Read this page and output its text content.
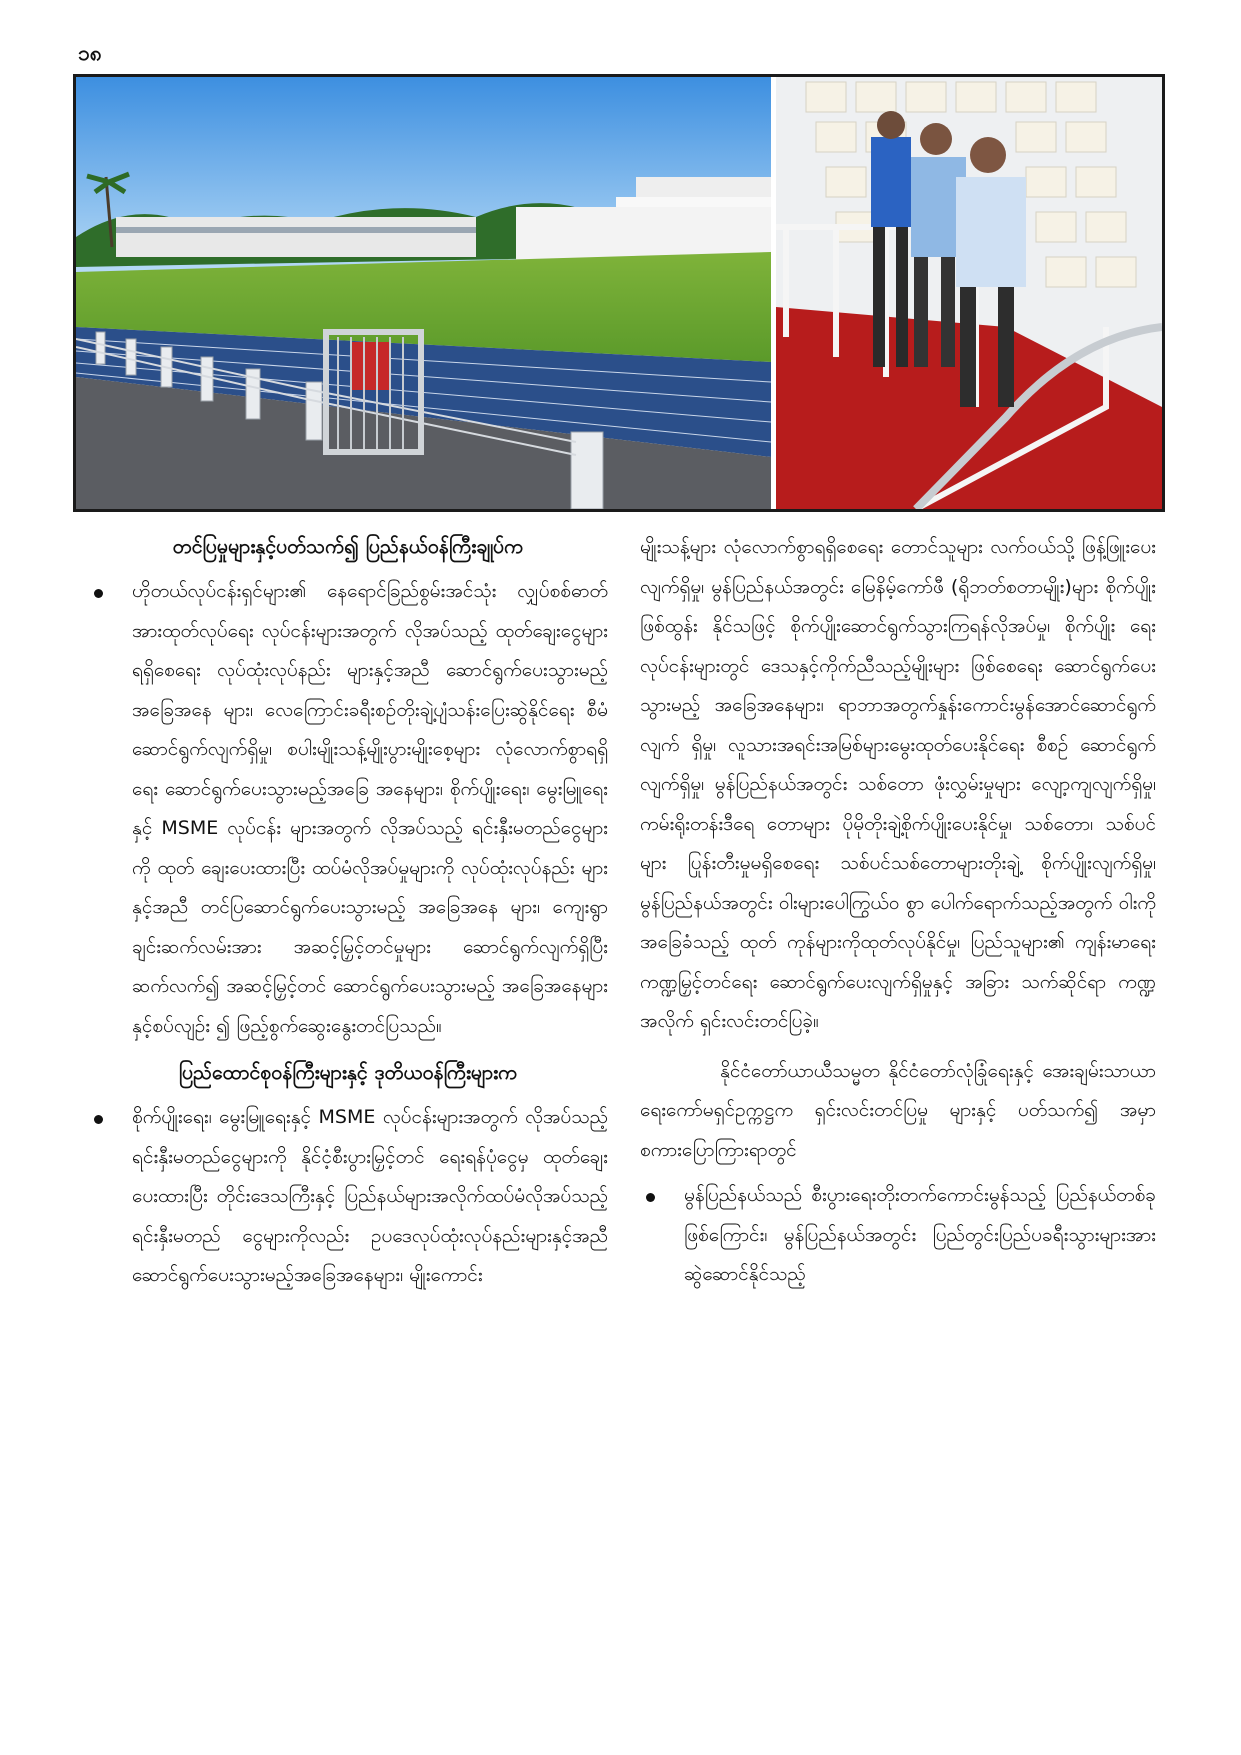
၁၈

တင်ပြမှုများနှင့်ပတ်သက်၍ ပြည်နယ်ဝန်ကြီးချုပ်က

ဟိုတယ်လုပ်ငန်းရှင်များ၏ နေရောင်ခြည်စွမ်းအင်သုံး လျှပ်စစ်ဓာတ်အားထုတ်လုပ်ရေး လုပ်ငန်းများအတွက် လိုအပ်သည့် ထုတ်ချေးငွေများရရှိစေရေး လုပ်ထုံးလုပ်နည်း များနှင့်အညီ ဆောင်ရွက်ပေးသွားမည့် အခြေအနေ များ၊ လေကြောင်းခရီးစဉ်တိုးချဲ့ပျံသန်းပြေးဆွဲနိုင်ရေး စီမံဆောင်ရွက်လျက်ရှိမှု၊ စပါးမျိုးသန့်မျိုးပွားမျိုးစေ့များ လုံလောက်စွာရရှိရေး ဆောင်ရွက်ပေးသွားမည့်အခြေ အနေများ၊ စိုက်ပျိုးရေး၊ မွေးမြူရေးနှင့် MSME လုပ်ငန်း များအတွက် လိုအပ်သည့် ရင်းနှီးမတည်ငွေများကို ထုတ် ချေးပေးထားပြီး ထပ်မံလိုအပ်မှုများကို လုပ်ထုံးလုပ်နည်း များနှင့်အညီ တင်ပြဆောင်ရွက်ပေးသွားမည့် အခြေအနေ များ၊ ကျေးရွာချင်းဆက်လမ်းအား အဆင့်မြှင့်တင်မှုများ ဆောင်ရွက်လျက်ရှိပြီး ဆက်လက်၍ အဆင့်မြှင့်တင် ဆောင်ရွက်ပေးသွားမည့် အခြေအနေများနှင့်စပ်လျဉ်း ၍ ဖြည့်စွက်ဆွေးနွေးတင်ပြသည်။

ပြည်ထောင်စုဝန်ကြီးများနှင့် ဒုတိယဝန်ကြီးများက

စိုက်ပျိုးရေး၊ မွေးမြူရေးနှင့် MSME လုပ်ငန်းများအတွက် လိုအပ်သည့် ရင်းနှီးမတည်ငွေများကို နိုင်ငံ့စီးပွားမြှင့်တင် ရေးရန်ပုံငွေမှ ထုတ်ချေးပေးထားပြီး တိုင်းဒေသကြီးနှင့် ပြည်နယ်များအလိုက်ထပ်မံလိုအပ်သည့် ရင်းနှီးမတည် ငွေများကိုလည်း ဥပဒေလုပ်ထုံးလုပ်နည်းများနှင့်အညီ ဆောင်ရွက်ပေးသွားမည့်အခြေအနေများ၊ မျိုးကောင်း

မျိုးသန့်များ လုံလောက်စွာရရှိစေရေး တောင်သူများ လက်ဝယ်သို့ ဖြန့်ဖြူးပေးလျက်ရှိမှု၊ မွန်ပြည်နယ်အတွင်း မြေနိမ့်ကော်ဖီ (ရိုဘတ်စတာမျိုး)များ စိုက်ပျိုးဖြစ်ထွန်း နိုင်သဖြင့် စိုက်ပျိုးဆောင်ရွက်သွားကြရန်လိုအပ်မှု၊ စိုက်ပျိုး ရေးလုပ်ငန်းများတွင် ဒေသနှင့်ကိုက်ညီသည့်မျိုးများ ဖြစ်စေရေး ဆောင်ရွက်ပေးသွားမည့် အခြေအနေများ၊ ရာဘာအတွက်နှုန်းကောင်းမွန်အောင်ဆောင်ရွက်လျက် ရှိမှု၊ လူသားအရင်းအမြစ်များမွေးထုတ်ပေးနိုင်ရေး စီစဉ် ဆောင်ရွက်လျက်ရှိမှု၊ မွန်ပြည်နယ်အတွင်း သစ်တော ဖုံးလွှမ်းမှုများ လျော့ကျလျက်ရှိမှု၊ ကမ်းရိုးတန်းဒီရေ တောများ ပိုမိုတိုးချဲ့စိုက်ပျိုးပေးနိုင်မှု၊ သစ်တော၊ သစ်ပင် များ ပြုန်းတီးမှုမရှိစေရေး သစ်ပင်သစ်တောများတိုးချဲ့ စိုက်ပျိုးလျက်ရှိမှု၊ မွန်ပြည်နယ်အတွင်း ဝါးများပေါကြွယ်ဝ စွာ ပေါက်ရောက်သည့်အတွက် ဝါးကိုအခြေခံသည့် ထုတ် ကုန်များကိုထုတ်လုပ်နိုင်မှု၊ ပြည်သူများ၏ ကျန်းမာရေး ကဏ္ဍမြှင့်တင်ရေး ဆောင်ရွက်ပေးလျက်ရှိမှုနှင့် အခြား သက်ဆိုင်ရာ ကဏ္ဍအလိုက် ရှင်းလင်းတင်ပြခဲ့။

နိုင်ငံတော်ယာယီသမ္မတ နိုင်ငံတော်လုံခြုံရေးနှင့် အေးချမ်းသာယာရေးကော်မရှင်ဥက္ကဋ္ဌက ရှင်းလင်းတင်ပြမှု များနှင့် ပတ်သက်၍ အမှာစကားပြောကြားရာတွင်

မွန်ပြည်နယ်သည် စီးပွားရေးတိုးတက်ကောင်းမွန်သည့် ပြည်နယ်တစ်ခုဖြစ်ကြောင်း၊ မွန်ပြည်နယ်အတွင်း ပြည်တွင်းပြည်ပခရီးသွားများအား ဆွဲဆောင်နိုင်သည့်
